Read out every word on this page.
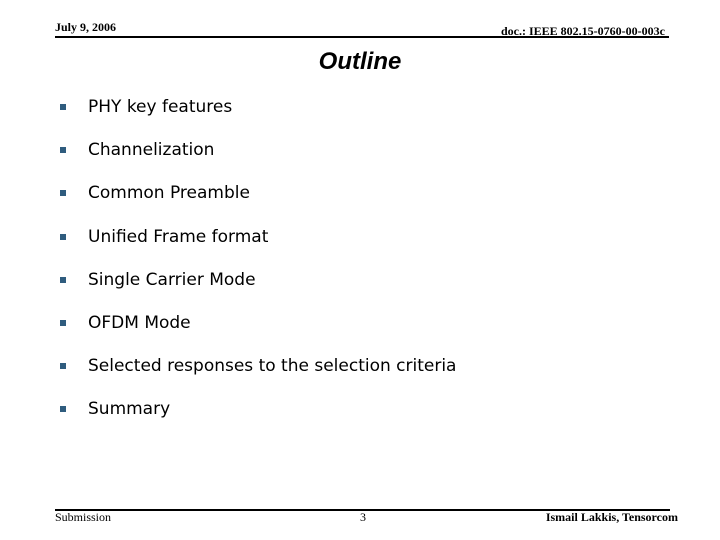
July 9, 2006	doc.: IEEE 802.15-0760-00-003c
Outline
PHY key features
Channelization
Common Preamble
Unified Frame format
Single Carrier Mode
OFDM Mode
Selected responses to the selection criteria
Summary
Submission	3	Ismail Lakkis, Tensorcom
